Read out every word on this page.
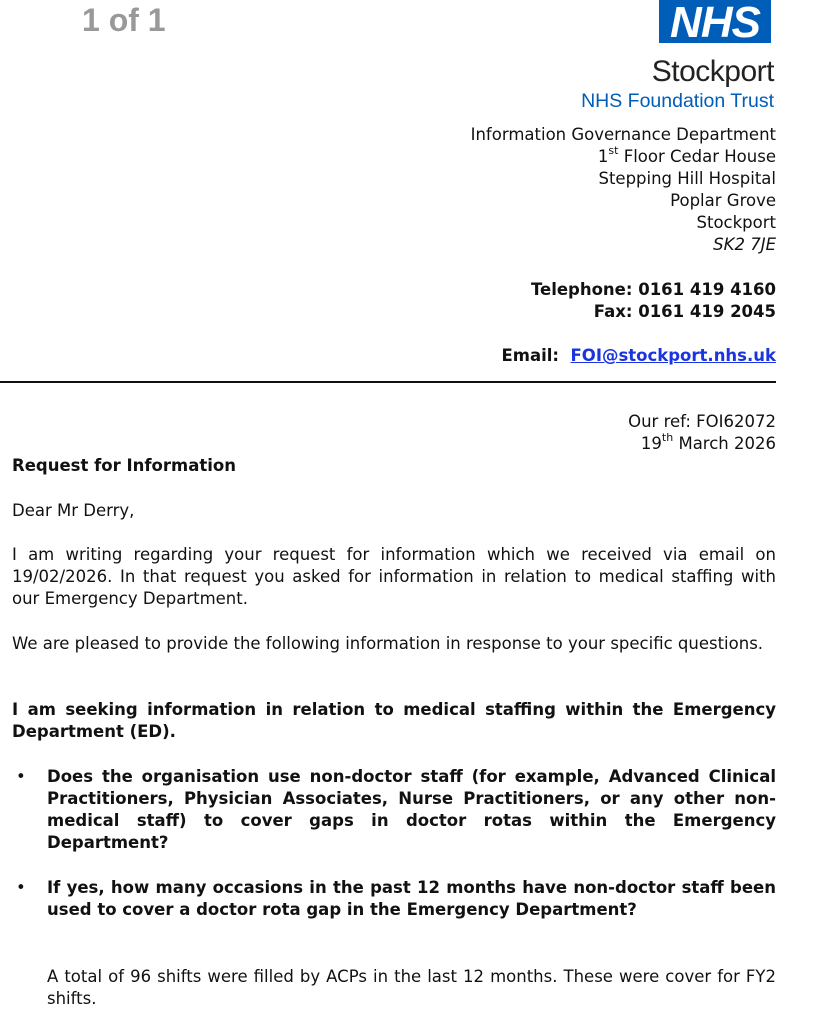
1 of 1	NHS
Stockport
NHS Foundation Trust
Information Governance Department
1st Floor Cedar House
Stepping Hill Hospital
Poplar Grove
Stockport
SK2 7JE
Telephone: 0161 419 4160
Fax: 0161 419 2045
Email: FOI@stockport.nhs.uk
Our ref: FOI62072
19th March 2026
Request for Information
Dear Mr Derry,
I am writing regarding your request for information which we received via email on 19/02/2026. In that request you asked for information in relation to medical staffing with our Emergency Department.
We are pleased to provide the following information in response to your specific questions.
I am seeking information in relation to medical staffing within the Emergency Department (ED).
• Does the organisation use non-doctor staff (for example, Advanced Clinical Practitioners, Physician Associates, Nurse Practitioners, or any other non-medical staff) to cover gaps in doctor rotas within the Emergency Department?
• If yes, how many occasions in the past 12 months have non-doctor staff been used to cover a doctor rota gap in the Emergency Department?
A total of 96 shifts were filled by ACPs in the last 12 months. These were cover for FY2 shifts.
